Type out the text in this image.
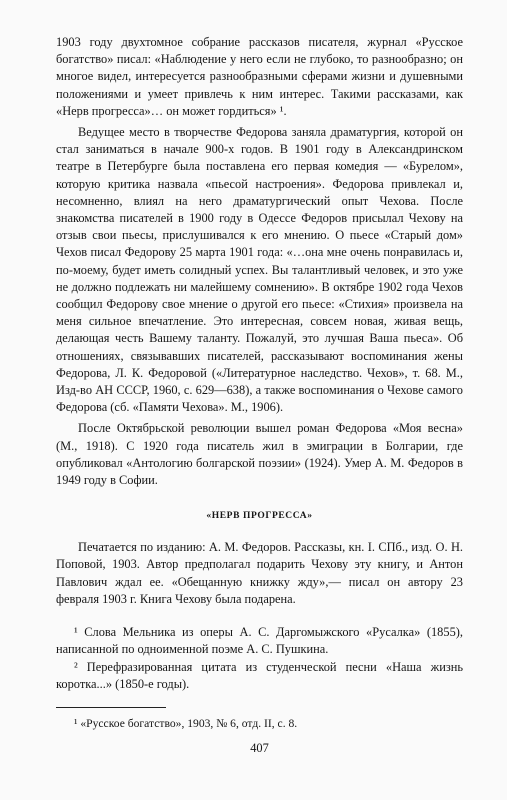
1903 году двухтомное собрание рассказов писателя, журнал «Русское богатство» писал: «Наблюдение у него если не глубоко, то разнообразно; он многое видел, интересуется разнообразными сферами жизни и душевными положениями и умеет привлечь к ним интерес. Такими рассказами, как «Нерв прогресса»… он может гордиться» ¹.

Ведущее место в творчестве Федорова заняла драматургия, которой он стал заниматься в начале 900-х годов. В 1901 году в Александринском театре в Петербурге была поставлена его первая комедия — «Бурелом», которую критика назвала «пьесой настроения». Федорова привлекал и, несомненно, влиял на него драматургический опыт Чехова. После знакомства писателей в 1900 году в Одессе Федоров присылал Чехову на отзыв свои пьесы, прислушивался к его мнению. О пьесе «Старый дом» Чехов писал Федорову 25 марта 1901 года: «…она мне очень понравилась и, по-моему, будет иметь солидный успех. Вы талантливый человек, и это уже не должно подлежать ни малейшему сомнению». В октябре 1902 года Чехов сообщил Федорову свое мнение о другой его пьесе: «Стихия» произвела на меня сильное впечатление. Это интересная, совсем новая, живая вещь, делающая честь Вашему таланту. Пожалуй, это лучшая Ваша пьеса». Об отношениях, связывавших писателей, рассказывают воспоминания жены Федорова, Л. К. Федоровой («Литературное наследство. Чехов», т. 68. М., Изд-во АН СССР, 1960, с. 629—638), а также воспоминания о Чехове самого Федорова (сб. «Памяти Чехова». М., 1906).

После Октябрьской революции вышел роман Федорова «Моя весна» (М., 1918). С 1920 года писатель жил в эмиграции в Болгарии, где опубликовал «Антологию болгарской поэзии» (1924). Умер А. М. Федоров в 1949 году в Софии.

«НЕРВ ПРОГРЕССА»

Печатается по изданию: А. М. Федоров. Рассказы, кн. I. СПб., изд. О. Н. Поповой, 1903. Автор предполагал подарить Чехову эту книгу, и Антон Павлович ждал ее. «Обещанную книжку жду»,— писал он автору 23 февраля 1903 г. Книга Чехову была подарена.

¹ Слова Мельника из оперы А. С. Даргомыжского «Русалка» (1855), написанной по одноименной поэме А. С. Пушкина.

² Перефразированная цитата из студенческой песни «Наша жизнь коротка...» (1850-е годы).

¹ «Русское богатство», 1903, № 6, отд. II, с. 8.

407
